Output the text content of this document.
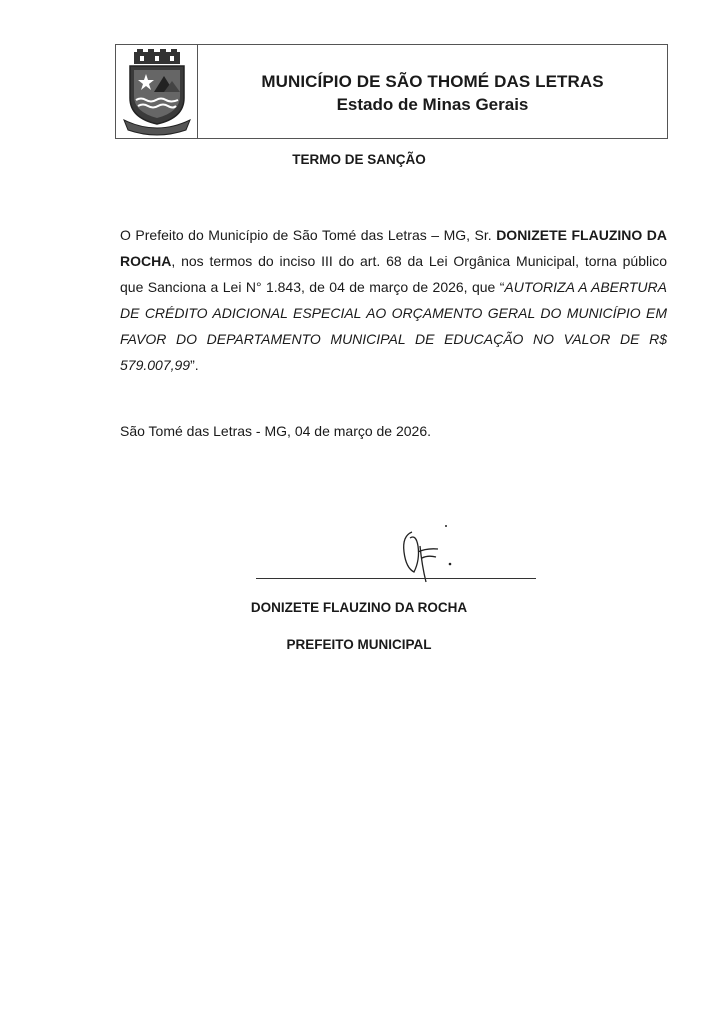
MUNICÍPIO DE SÃO THOMÉ DAS LETRAS
Estado de Minas Gerais
TERMO DE SANÇÃO
O Prefeito do Município de São Tomé das Letras – MG, Sr. DONIZETE FLAUZINO DA ROCHA, nos termos do inciso III do art. 68 da Lei Orgânica Municipal, torna público que Sanciona a Lei N° 1.843, de 04 de março de 2026, que “AUTORIZA A ABERTURA DE CRÉDITO ADICIONAL ESPECIAL AO ORÇAMENTO GERAL DO MUNICÍPIO EM FAVOR DO DEPARTAMENTO MUNICIPAL DE EDUCAÇÃO NO VALOR DE R$ 579.007,99”.
São Tomé das Letras - MG, 04 de março de 2026.
DONIZETE FLAUZINO DA ROCHA
PREFEITO MUNICIPAL
